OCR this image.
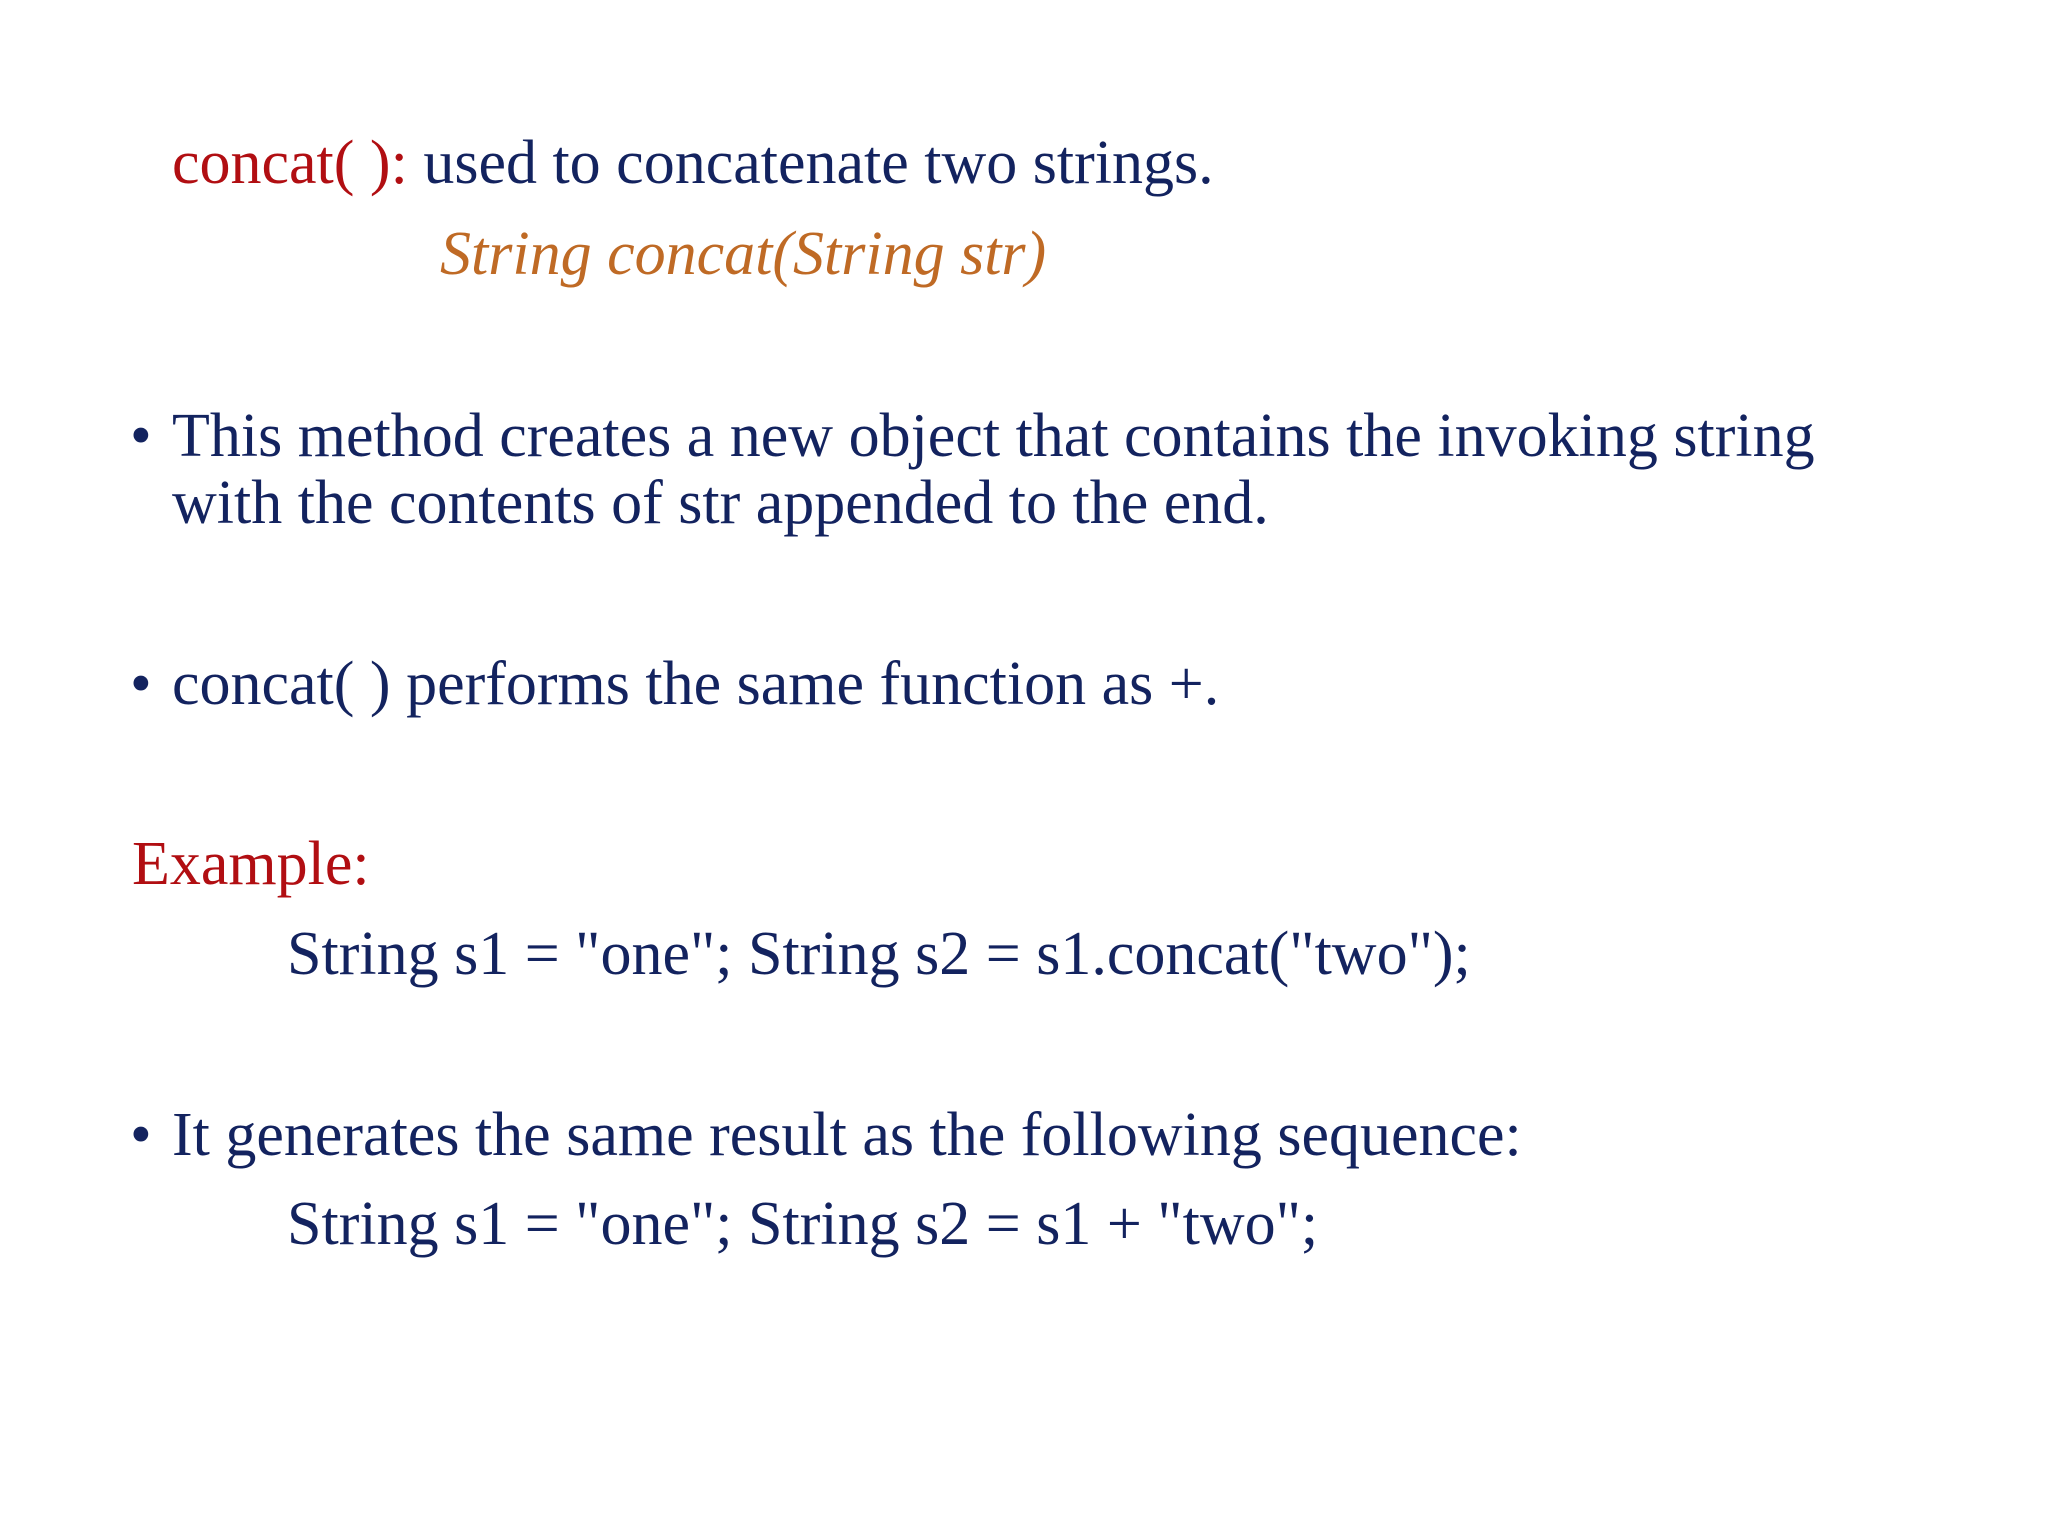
concat( ): used to concatenate two strings.
String concat(String str)
• This method creates a new object that contains the invoking string
with the contents of str appended to the end.
• concat( ) performs the same function as +.
Example:
String s1 = "one"; String s2 = s1.concat("two");
• It generates the same result as the following sequence:
String s1 = "one"; String s2 = s1 + "two";
